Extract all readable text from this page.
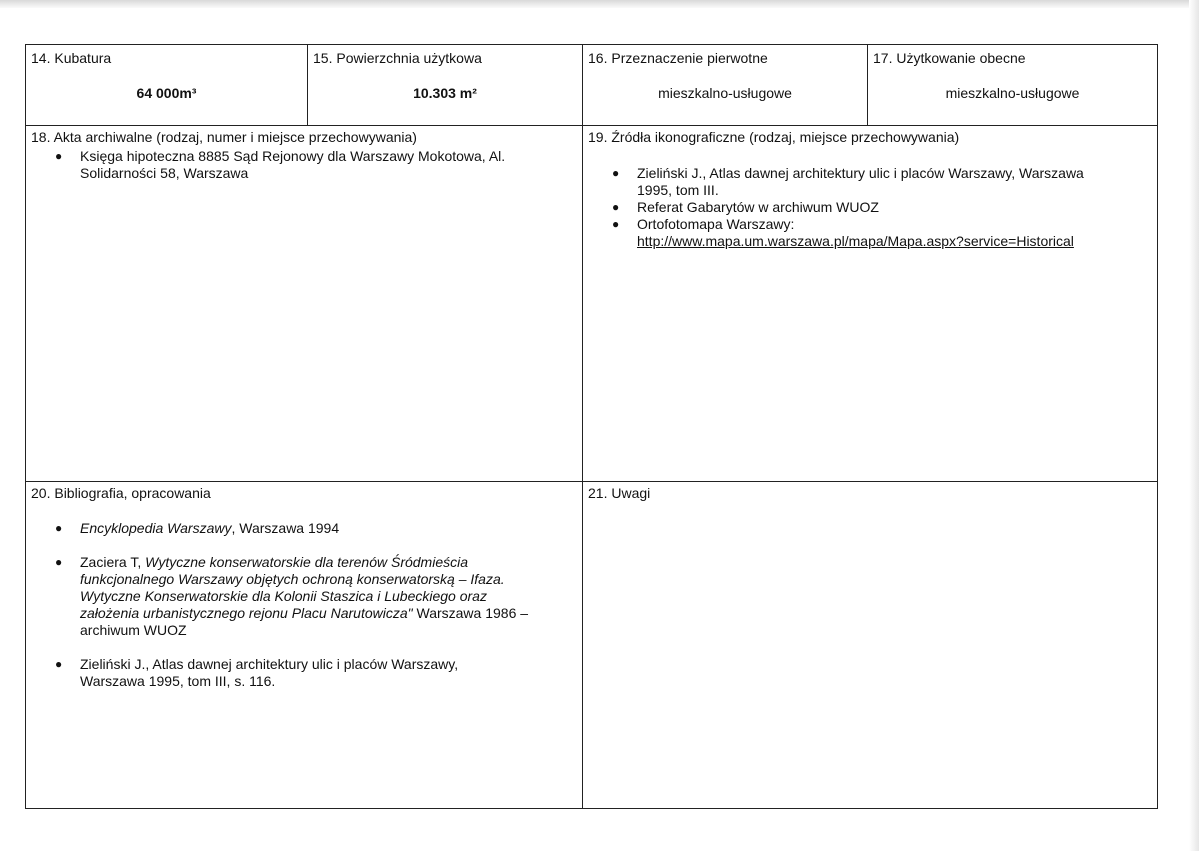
14. Kubatura
64 000m³
15. Powierzchnia użytkowa
10.303 m²
16. Przeznaczenie pierwotne
mieszkalno-usługowe
17. Użytkowanie obecne
mieszkalno-usługowe
18. Akta archiwalne (rodzaj, numer i miejsce przechowywania)
● Księga hipoteczna 8885 Sąd Rejonowy dla Warszawy Mokotowa, Al.
Solidarności 58, Warszawa
19. Źródła ikonograficzne (rodzaj, miejsce przechowywania)
● Zieliński J., Atlas dawnej architektury ulic i placów Warszawy, Warszawa
1995, tom III.
● Referat Gabarytów w archiwum WUOZ
● Ortofotomapa Warszawy:
http://www.mapa.um.warszawa.pl/mapa/Mapa.aspx?service=Historical
20. Bibliografia, opracowania
● Encyklopedia Warszawy, Warszawa 1994
● Zaciera T, Wytyczne konserwatorskie dla terenów Śródmieścia
funkcjonalnego Warszawy objętych ochroną konserwatorską – Ifaza.
Wytyczne Konserwatorskie dla Kolonii Staszica i Lubeckiego oraz
założenia urbanistycznego rejonu Placu Narutowicza" Warszawa 1986 –
archiwum WUOZ
● Zieliński J., Atlas dawnej architektury ulic i placów Warszawy,
Warszawa 1995, tom III, s. 116.
21. Uwagi
